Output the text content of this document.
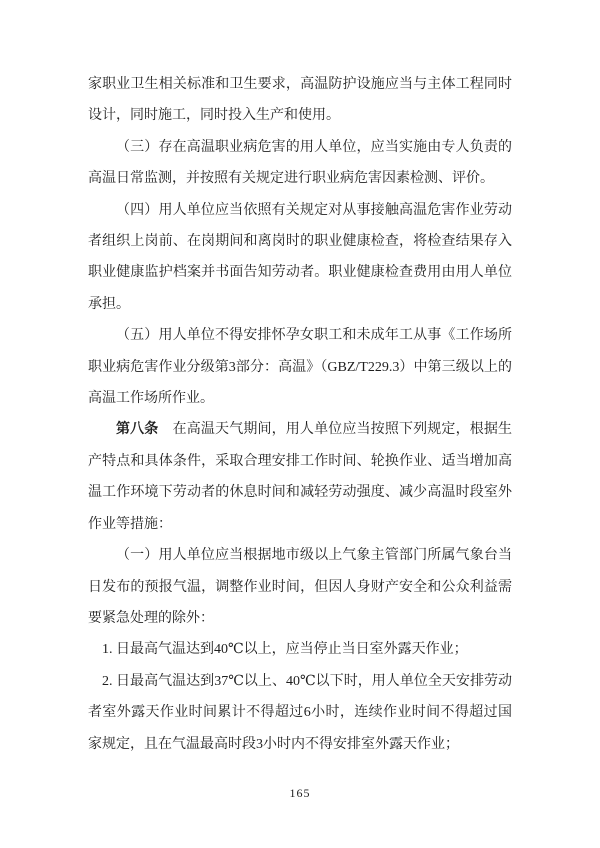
家职业卫生相关标准和卫生要求，高温防护设施应当与主体工程同时设计，同时施工，同时投入生产和使用。

（三）存在高温职业病危害的用人单位，应当实施由专人负责的高温日常监测，并按照有关规定进行职业病危害因素检测、评价。

（四）用人单位应当依照有关规定对从事接触高温危害作业劳动者组织上岗前、在岗期间和离岗时的职业健康检查，将检查结果存入职业健康监护档案并书面告知劳动者。职业健康检查费用由用人单位承担。

（五）用人单位不得安排怀孕女职工和未成年工从事《工作场所职业病危害作业分级第3部分：高温》（GBZ/T229.3）中第三级以上的高温工作场所作业。

第八条　在高温天气期间，用人单位应当按照下列规定，根据生产特点和具体条件，采取合理安排工作时间、轮换作业、适当增加高温工作环境下劳动者的休息时间和减轻劳动强度、减少高温时段室外作业等措施：

（一）用人单位应当根据地市级以上气象主管部门所属气象台当日发布的预报气温，调整作业时间，但因人身财产安全和公众利益需要紧急处理的除外：

1. 日最高气温达到40℃以上，应当停止当日室外露天作业；

2. 日最高气温达到37℃以上、40℃以下时，用人单位全天安排劳动者室外露天作业时间累计不得超过6小时，连续作业时间不得超过国家规定，且在气温最高时段3小时内不得安排室外露天作业；

165
